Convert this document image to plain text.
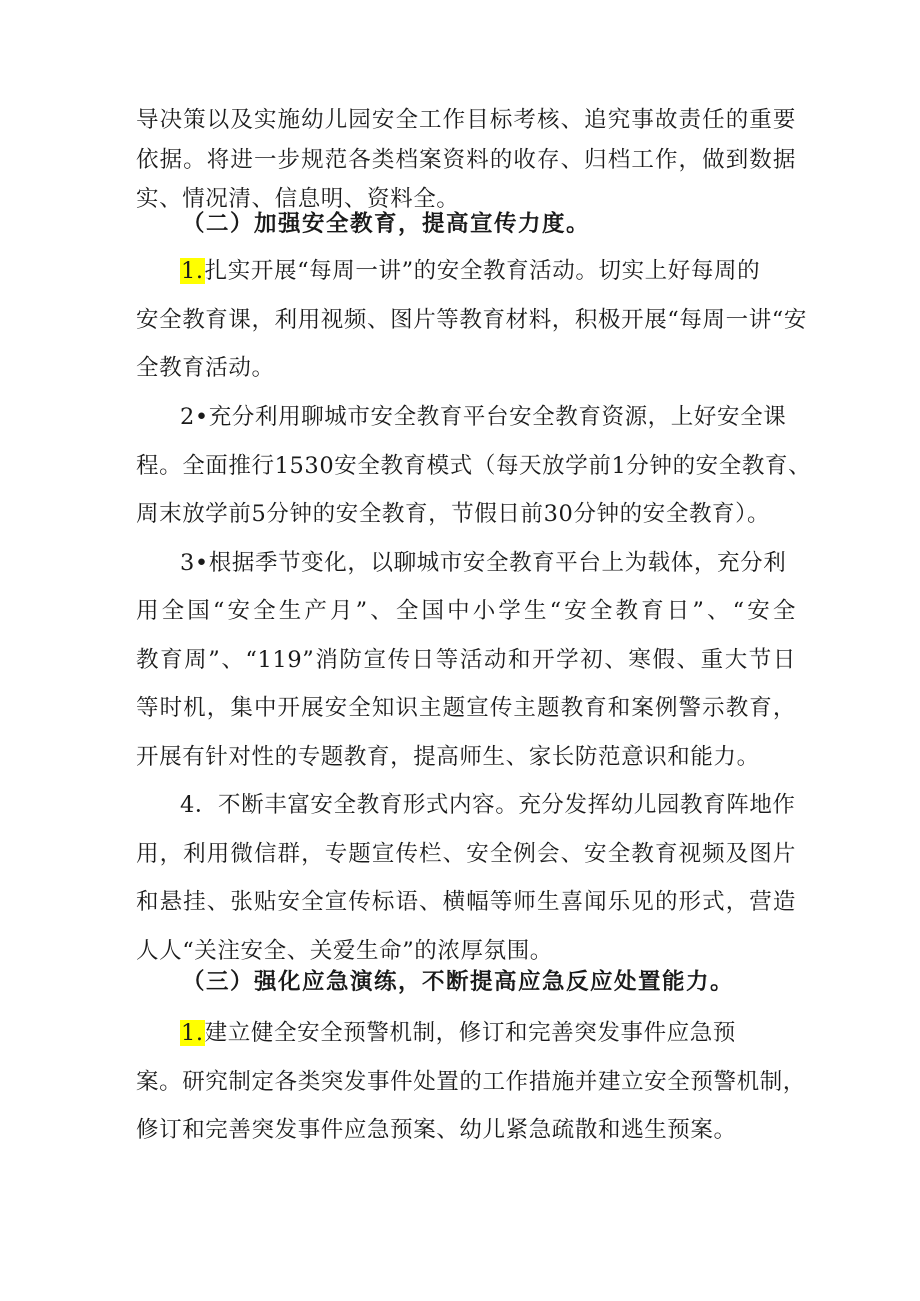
导决策以及实施幼儿园安全工作目标考核、追究事故责任的重要
依据。将进一步规范各类档案资料的收存、归档工作，做到数据
实、情况清、信息明、资料全。
（二）加强安全教育，提高宣传力度。
1.扎实开展“每周一讲”的安全教育活动。切实上好每周的
安全教育课，利用视频、图片等教育材料，积极开展“每周一讲“安
全教育活动。
2•充分利用聊城市安全教育平台安全教育资源，上好安全课
程。全面推行1530安全教育模式（每天放学前1分钟的安全教育、
周末放学前5分钟的安全教育，节假日前30分钟的安全教育）。
3•根据季节变化，以聊城市安全教育平台上为载体，充分利
用全国“安全生产月”、全国中小学生“安全教育日”、“安全
教育周”、“119”消防宣传日等活动和开学初、寒假、重大节日
等时机，集中开展安全知识主题宣传主题教育和案例警示教育，
开展有针对性的专题教育，提高师生、家长防范意识和能力。
4．不断丰富安全教育形式内容。充分发挥幼儿园教育阵地作
用，利用微信群，专题宣传栏、安全例会、安全教育视频及图片
和悬挂、张贴安全宣传标语、横幅等师生喜闻乐见的形式，营造
人人“关注安全、关爱生命”的浓厚氛围。
（三）强化应急演练，不断提高应急反应处置能力。
1.建立健全安全预警机制，修订和完善突发事件应急预
案。研究制定各类突发事件处置的工作措施并建立安全预警机制，
修订和完善突发事件应急预案、幼儿紧急疏散和逃生预案。
